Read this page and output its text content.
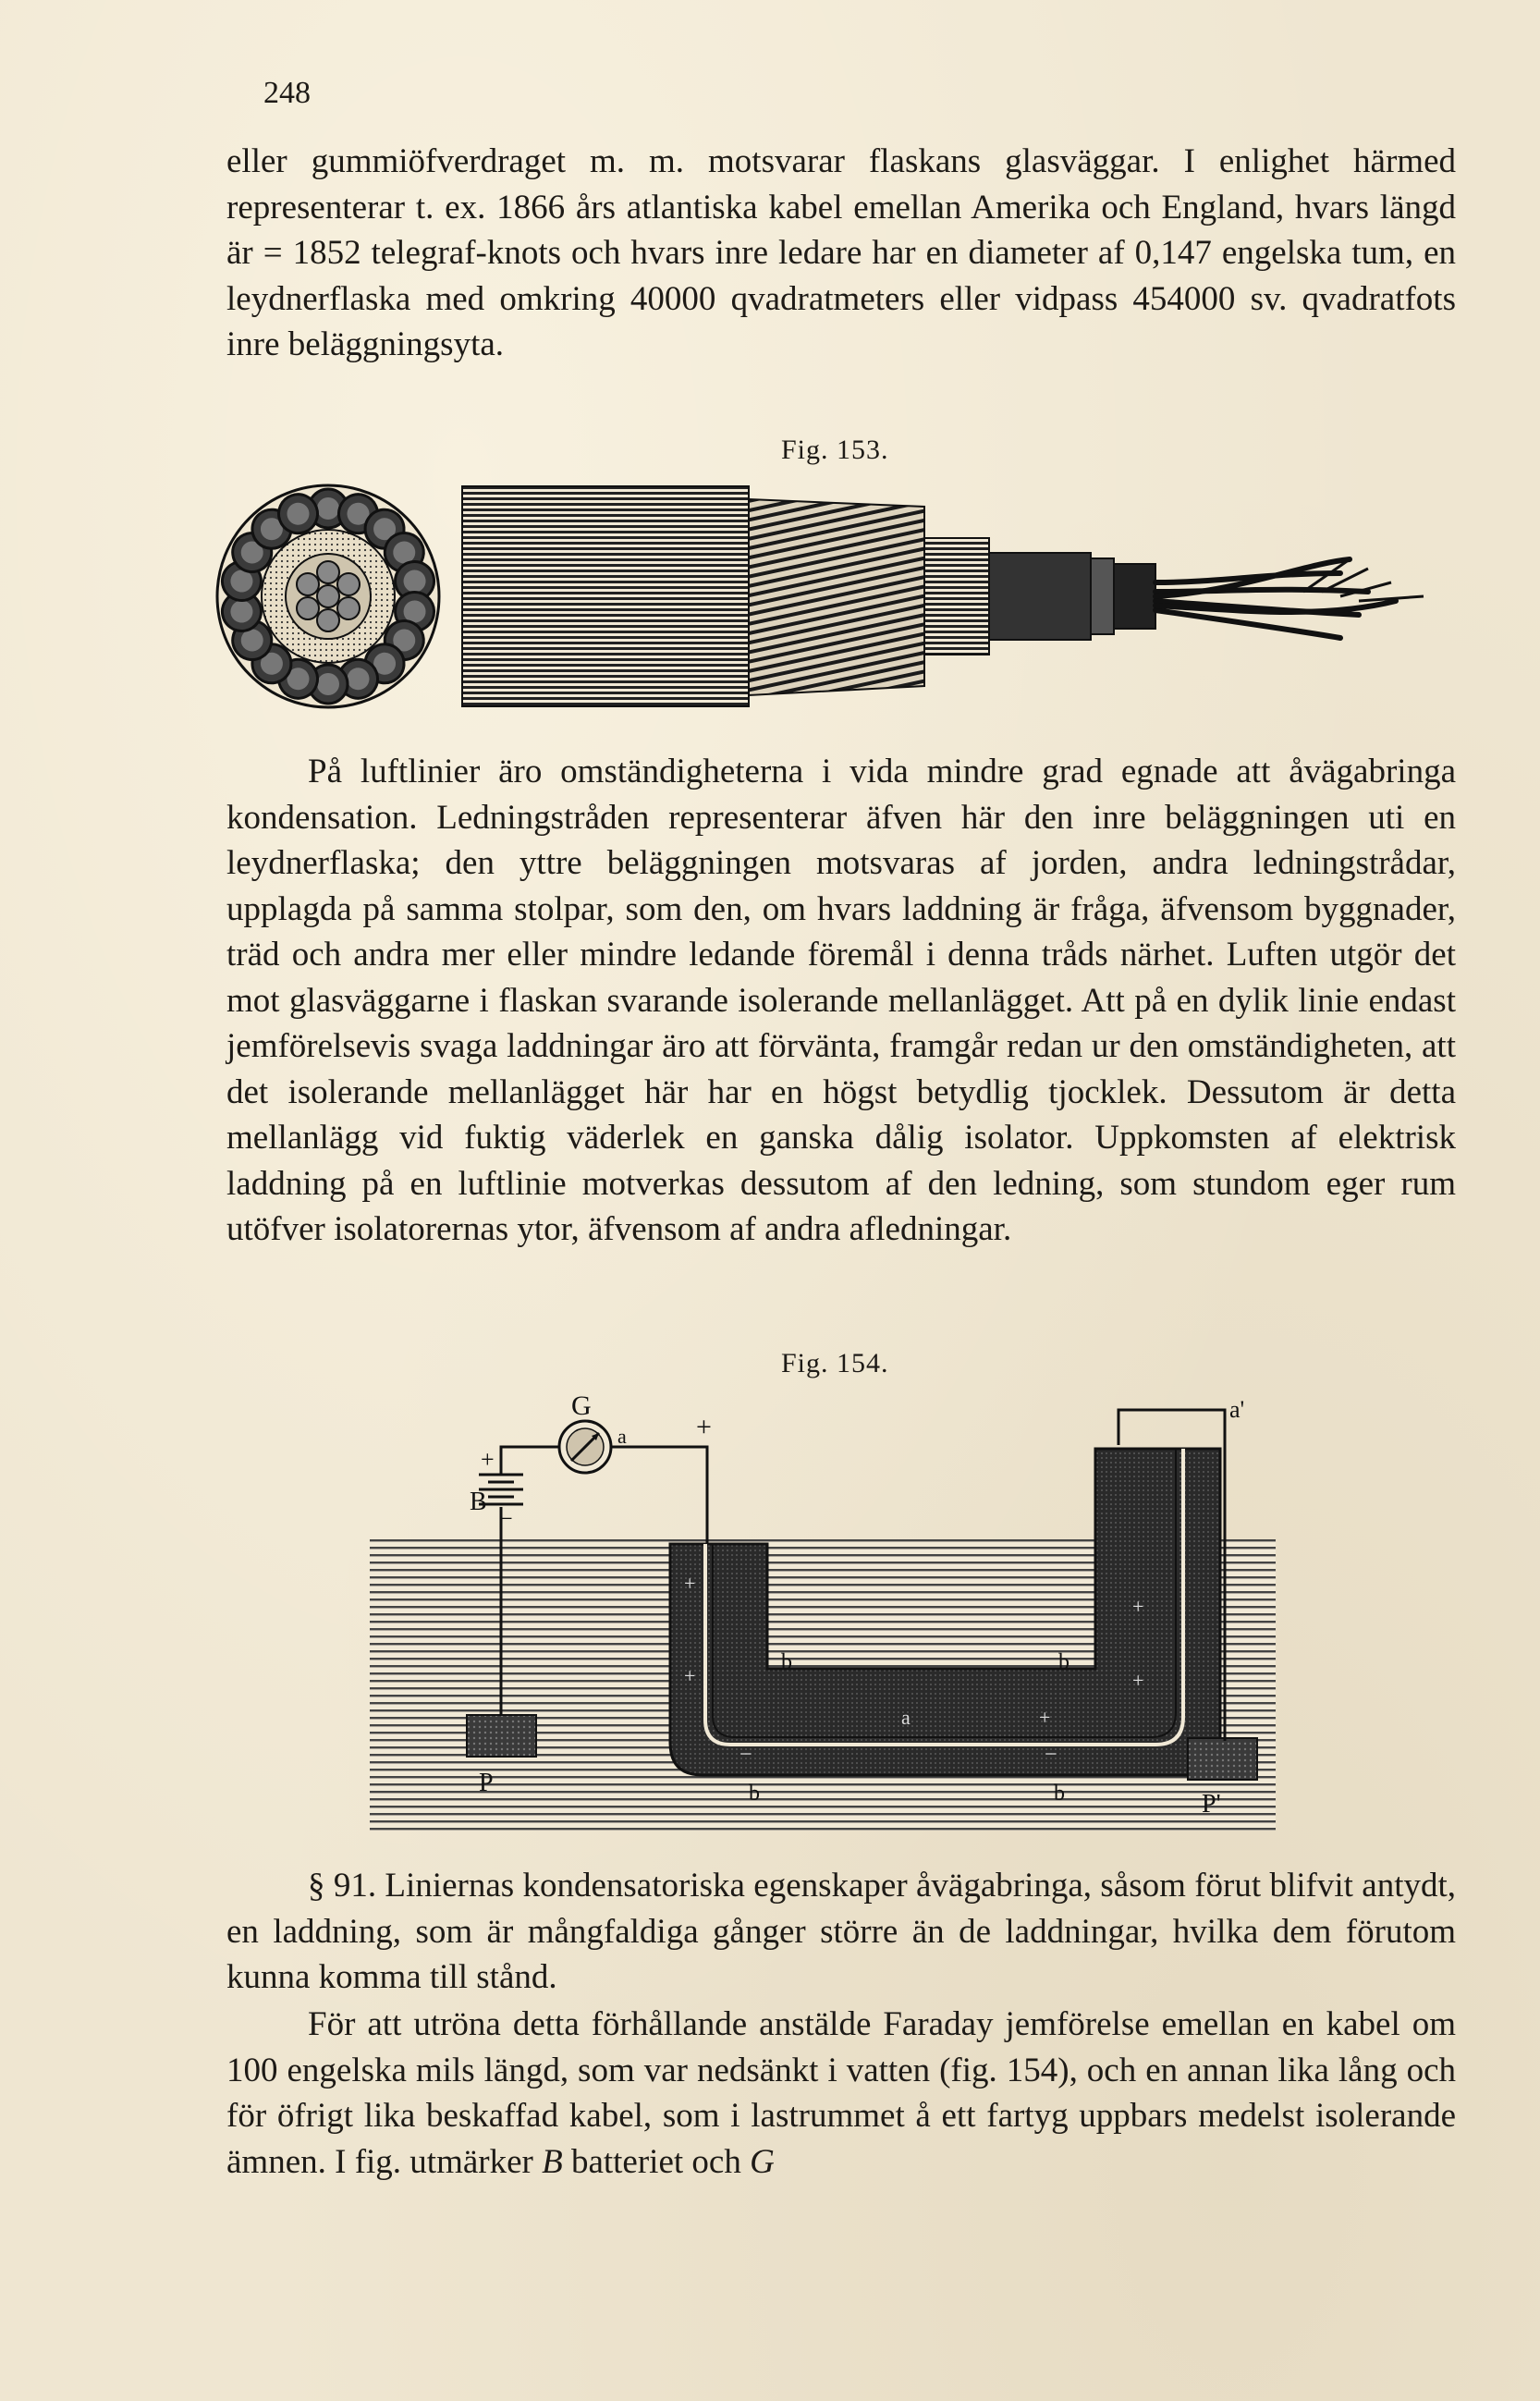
248

eller gummiöfverdraget m. m. motsvarar flaskans glasväggar. I enlighet härmed representerar t. ex. 1866 års atlantiska kabel emellan Amerika och England, hvars längd är = 1852 telegraf-knots och hvars inre ledare har en diameter af 0,147 engelska tum, en leydnerflaska med omkring 40000 qvadratmeters eller vidpass 454000 sv. qvadratfots inre beläggningsyta.

Fig. 153.

På luftlinier äro omständigheterna i vida mindre grad egnade att åvägabringa kondensation. Ledningstråden representerar äfven här den inre beläggningen uti en leydnerflaska; den yttre beläggningen motsvaras af jorden, andra ledningstrådar, upplagda på samma stolpar, som den, om hvars laddning är fråga, äfvensom byggnader, träd och andra mer eller mindre ledande föremål i denna tråds närhet. Luften utgör det mot glasväggarne i flaskan svarande isolerande mellanlägget. Att på en dylik linie endast jemförelsevis svaga laddningar äro att förvänta, framgår redan ur den omständigheten, att det isolerande mellanlägget här har en högst betydlig tjocklek. Dessutom är detta mellanlägg vid fuktig väderlek en ganska dålig isolator. Uppkomsten af elektrisk laddning på en luftlinie motverkas dessutom af den ledning, som stundom eger rum utöfver isolatorernas ytor, äfvensom af andra afledningar.

Fig. 154.
G
a	+
a'
B
+
−
+
+
+
+
+
b	b
a
−	−
b	b
P
P'

§ 91. Liniernas kondensatoriska egenskaper åvägabringa, såsom förut blifvit antydt, en laddning, som är mångfaldiga gånger större än de laddningar, hvilka dem förutom kunna komma till stånd.

För att utröna detta förhållande anstälde Faraday jemförelse emellan en kabel om 100 engelska mils längd, som var nedsänkt i vatten (fig. 154), och en annan lika lång och för öfrigt lika beskaffad kabel, som i lastrummet å ett fartyg uppbars medelst isolerande ämnen. I fig. utmärker B batteriet och G
